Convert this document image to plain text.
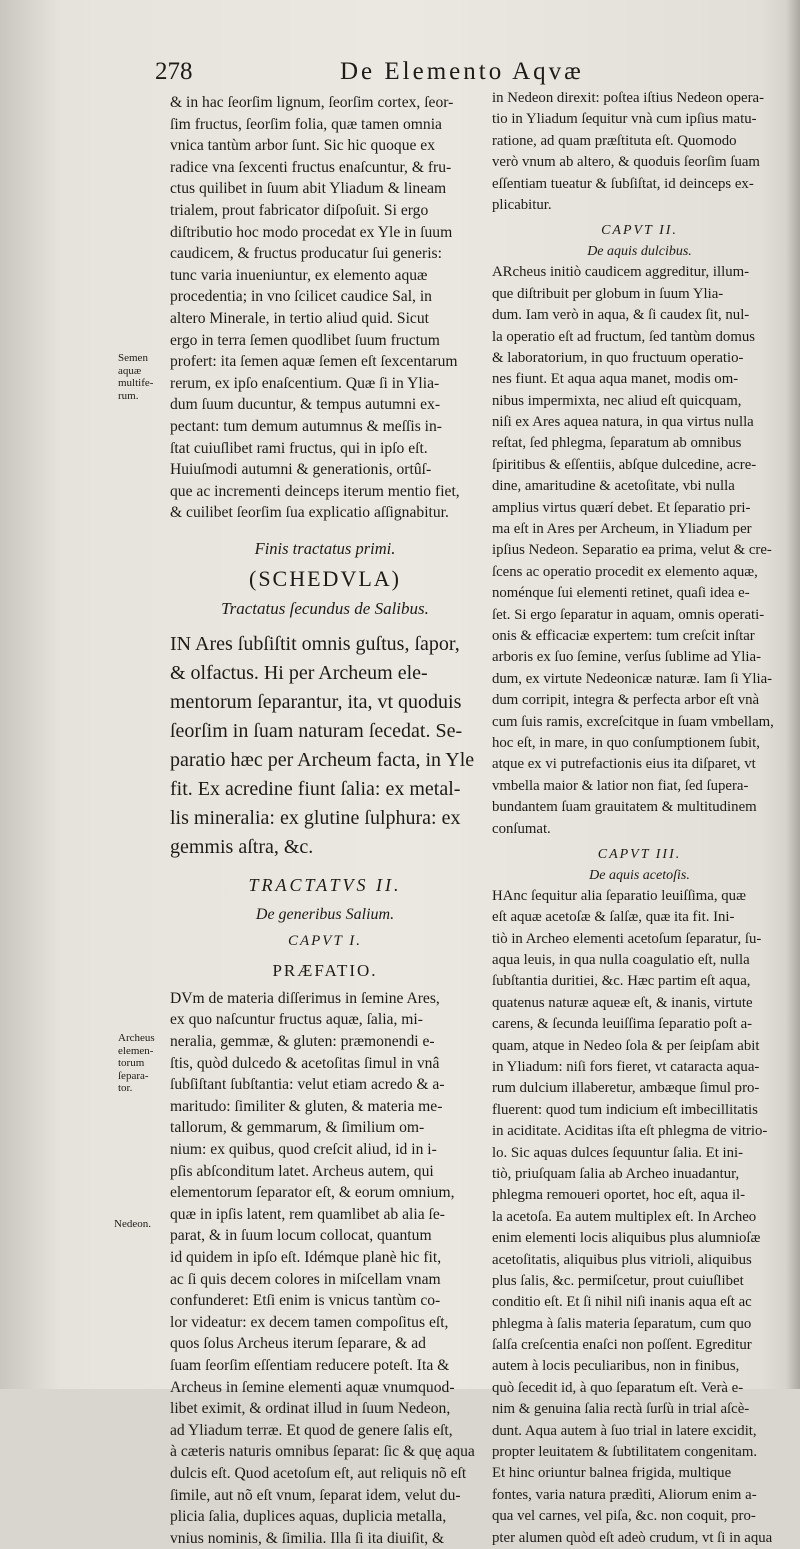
278	De Elemento Aqvæ
& in hac ſeorſim lignum, ſeorſim cortex, ſeor-
ſim fructus, ſeorſim folia, quæ tamen omnia
vnica tantùm arbor ſunt. Sic hic quoque ex
radice vna ſexcenti fructus enaſcuntur, & fru-
ctus quilibet in ſuum abit Yliadum & lineam
trialem, prout fabricator diſpoſuit. Si ergo
diſtributio hoc modo procedat ex Yle in ſuum
caudicem, & fructus producatur ſui generis:
tunc varia inueniuntur, ex elemento aquæ
procedentia; in vno ſcilicet caudice Sal, in
altero Minerale, in tertio aliud quid. Sicut
ergo in terra ſemen quodlibet ſuum fructum
profert: ita ſemen aquæ ſemen eſt ſexcentarum
rerum, ex ipſo enaſcentium. Quæ ſi in Ylia-
dum ſuum ducuntur, & tempus autumni ex-
pectant: tum demum autumnus & meſſis in-
ſtat cuiuſlibet rami fructus, qui in ipſo eſt.
Huiuſmodi autumni & generationis, ortûſ-
que ac incrementi deinceps iterum mentio fiet,
& cuilibet ſeorſim ſua explicatio aſſignabitur.
Finis tractatus primi.
(SCHEDVLA)
Tractatus ſecundus de Salibus.
IN Ares ſubſiſtit omnis guſtus, ſapor,
& olfactus. Hi per Archeum ele-
mentorum ſeparantur, ita, vt quoduis
ſeorſim in ſuam naturam ſecedat. Se-
paratio hæc per Archeum facta, in Yle
fit. Ex acredine fiunt ſalia: ex metal-
lis mineralia: ex glutine ſulphura: ex
gemmis aſtra, &c.
TRACTATVS II.
De generibus Salium.
CAPVT I.
PRÆFATIO.
DVm de materia diſſerimus in ſemine Ares,
ex quo naſcuntur fructus aquæ, ſalia, mi-
neralia, gemmæ, & gluten: præmonendi e-
ſtis, quòd dulcedo & acetoſitas ſimul in vnâ
ſubſiſtant ſubſtantia: velut etiam acredo & a-
maritudo: ſimiliter & gluten, & materia me-
tallorum, & gemmarum, & ſimilium om-
nium: ex quibus, quod creſcit aliud, id in i-
pſis abſconditum latet. Archeus autem, qui
elementorum ſeparator eſt, & eorum omnium,
quæ in ipſis latent, rem quamlibet ab alia ſe-
parat, & in ſuum locum collocat, quantum
id quidem in ipſo eſt. Idémque planè hic fit,
ac ſi quis decem colores in miſcellam vnam
confunderet: Etſi enim is vnicus tantùm co-
lor videatur: ex decem tamen compoſitus eſt,
quos ſolus Archeus iterum ſeparare, & ad
ſuam ſeorſim eſſentiam reducere poteſt. Ita &
Archeus in ſemine elementi aquæ vnumquod-
libet eximit, & ordinat illud in ſuum Nedeon,
ad Yliadum terræ. Et quod de genere ſalis eſt,
à cæteris naturis omnibus ſeparat: ſic & quę aqua
dulcis eſt. Quod acetoſum eſt, aut reliquis nõ eſt
ſimile, aut nõ eſt vnum, ſeparat idem, velut du-
plicia ſalia, duplices aquas, duplicia metalla,
vnius nominis, & ſimilia. Illa ſi ita diuiſit, &
in Nedeon direxit: poſtea iſtius Nedeon opera-
tio in Yliadum ſequitur vnà cum ipſius matu-
ratione, ad quam præſtituta eſt. Quomodo
verò vnum ab altero, & quoduis ſeorſim ſuam
eſſentiam tueatur & ſubſiſtat, id deinceps ex-
plicabitur.
CAPVT II.
De aquis dulcibus.
ARcheus initiò caudicem aggreditur, illum-
que diſtribuit per globum in ſuum Ylia-
dum. Iam verò in aqua, & ſi caudex ſit, nul-
la operatio eſt ad fructum, ſed tantùm domus
& laboratorium, in quo fructuum operatio-
nes fiunt. Et aqua aqua manet, modis om-
nibus impermixta, nec aliud eſt quicquam,
niſi ex Ares aquea natura, in qua virtus nulla
reſtat, ſed phlegma, ſeparatum ab omnibus
ſpiritibus & eſſentiis, abſque dulcedine, acre-
dine, amaritudine & acetoſitate, vbi nulla
amplius virtus quærí debet. Et ſeparatio pri-
ma eſt in Ares per Archeum, in Yliadum per
ipſius Nedeon. Separatio ea prima, velut & cre-
ſcens ac operatio procedit ex elemento aquæ,
noménque ſui elementi retinet, quaſi idea e-
ſet. Si ergo ſeparatur in aquam, omnis operati-
onis & efficaciæ expertem: tum creſcit inſtar
arboris ex ſuo ſemine, verſus ſublime ad Ylia-
dum, ex virtute Nedeonicæ naturæ. Iam ſi Ylia-
dum corripit, integra & perfecta arbor eſt vnà
cum ſuis ramis, excreſcitque in ſuam vmbellam,
hoc eſt, in mare, in quo conſumptionem ſubit,
atque ex vi putrefactionis eius ita diſparet, vt
vmbella maior & latior non fiat, ſed ſupera-
bundantem ſuam grauitatem & multitudinem
conſumat.
CAPVT III.
De aquis acetoſis.
HAnc ſequitur alia ſeparatio leuiſſima, quæ
eſt aquæ acetoſæ & ſalſæ, quæ ita fit. Ini-
tiò in Archeo elementi acetoſum ſeparatur, ſu-
aqua leuis, in qua nulla coagulatio eſt, nulla
ſubſtantia duritiei, &c. Hæc partim eſt aqua,
quatenus naturæ aqueæ eſt, & inanis, virtute
carens, & ſecunda leuiſſima ſeparatio poſt a-
quam, atque in Nedeo ſola & per ſeipſam abit
in Yliadum: niſi fors fieret, vt cataracta aqua-
rum dulcium illaberetur, ambæque ſimul pro-
fluerent: quod tum indicium eſt imbecillitatis
in aciditate. Aciditas iſta eſt phlegma de vitrio-
lo. Sic aquas dulces ſequuntur ſalia. Et ini-
tiò, priuſquam ſalia ab Archeo inuadantur,
phlegma remoueri oportet, hoc eſt, aqua il-
la acetoſa. Ea autem multiplex eſt. In Archeo
enim elementi locis aliquibus plus alumnioſæ
acetoſitatis, aliquibus plus vitrioli, aliquibus
plus ſalis, &c. permiſcetur, prout cuiuſlibet
conditio eſt. Et ſi nihil niſi inanis aqua eſt ac
phlegma à ſalis materia ſeparatum, cum quo
ſalſa creſcentia enaſci non poſſent. Egreditur
autem à locis peculiaribus, non in finibus,
quò ſecedit id, à quo ſeparatum eſt. Verà e-
nim & genuina ſalia rectà ſurſù in trial aſcè-
dunt. Aqua autem à ſuo trial in latere excidit,
propter leuitatem & ſubtilitatem congenitam.
Et hinc oriuntur balnea frigida, multique
fontes, varia natura prædìti, Aliorum enim a-
qua vel carnes, vel piſa, &c. non coquit, pro-
pter alumen quòd eſt adeò crudum, vt ſi in aqua
Semen
aquæ
multife-
rum.
Archeus
elemen-
torum
ſepara-
tor.
Nedeon.
